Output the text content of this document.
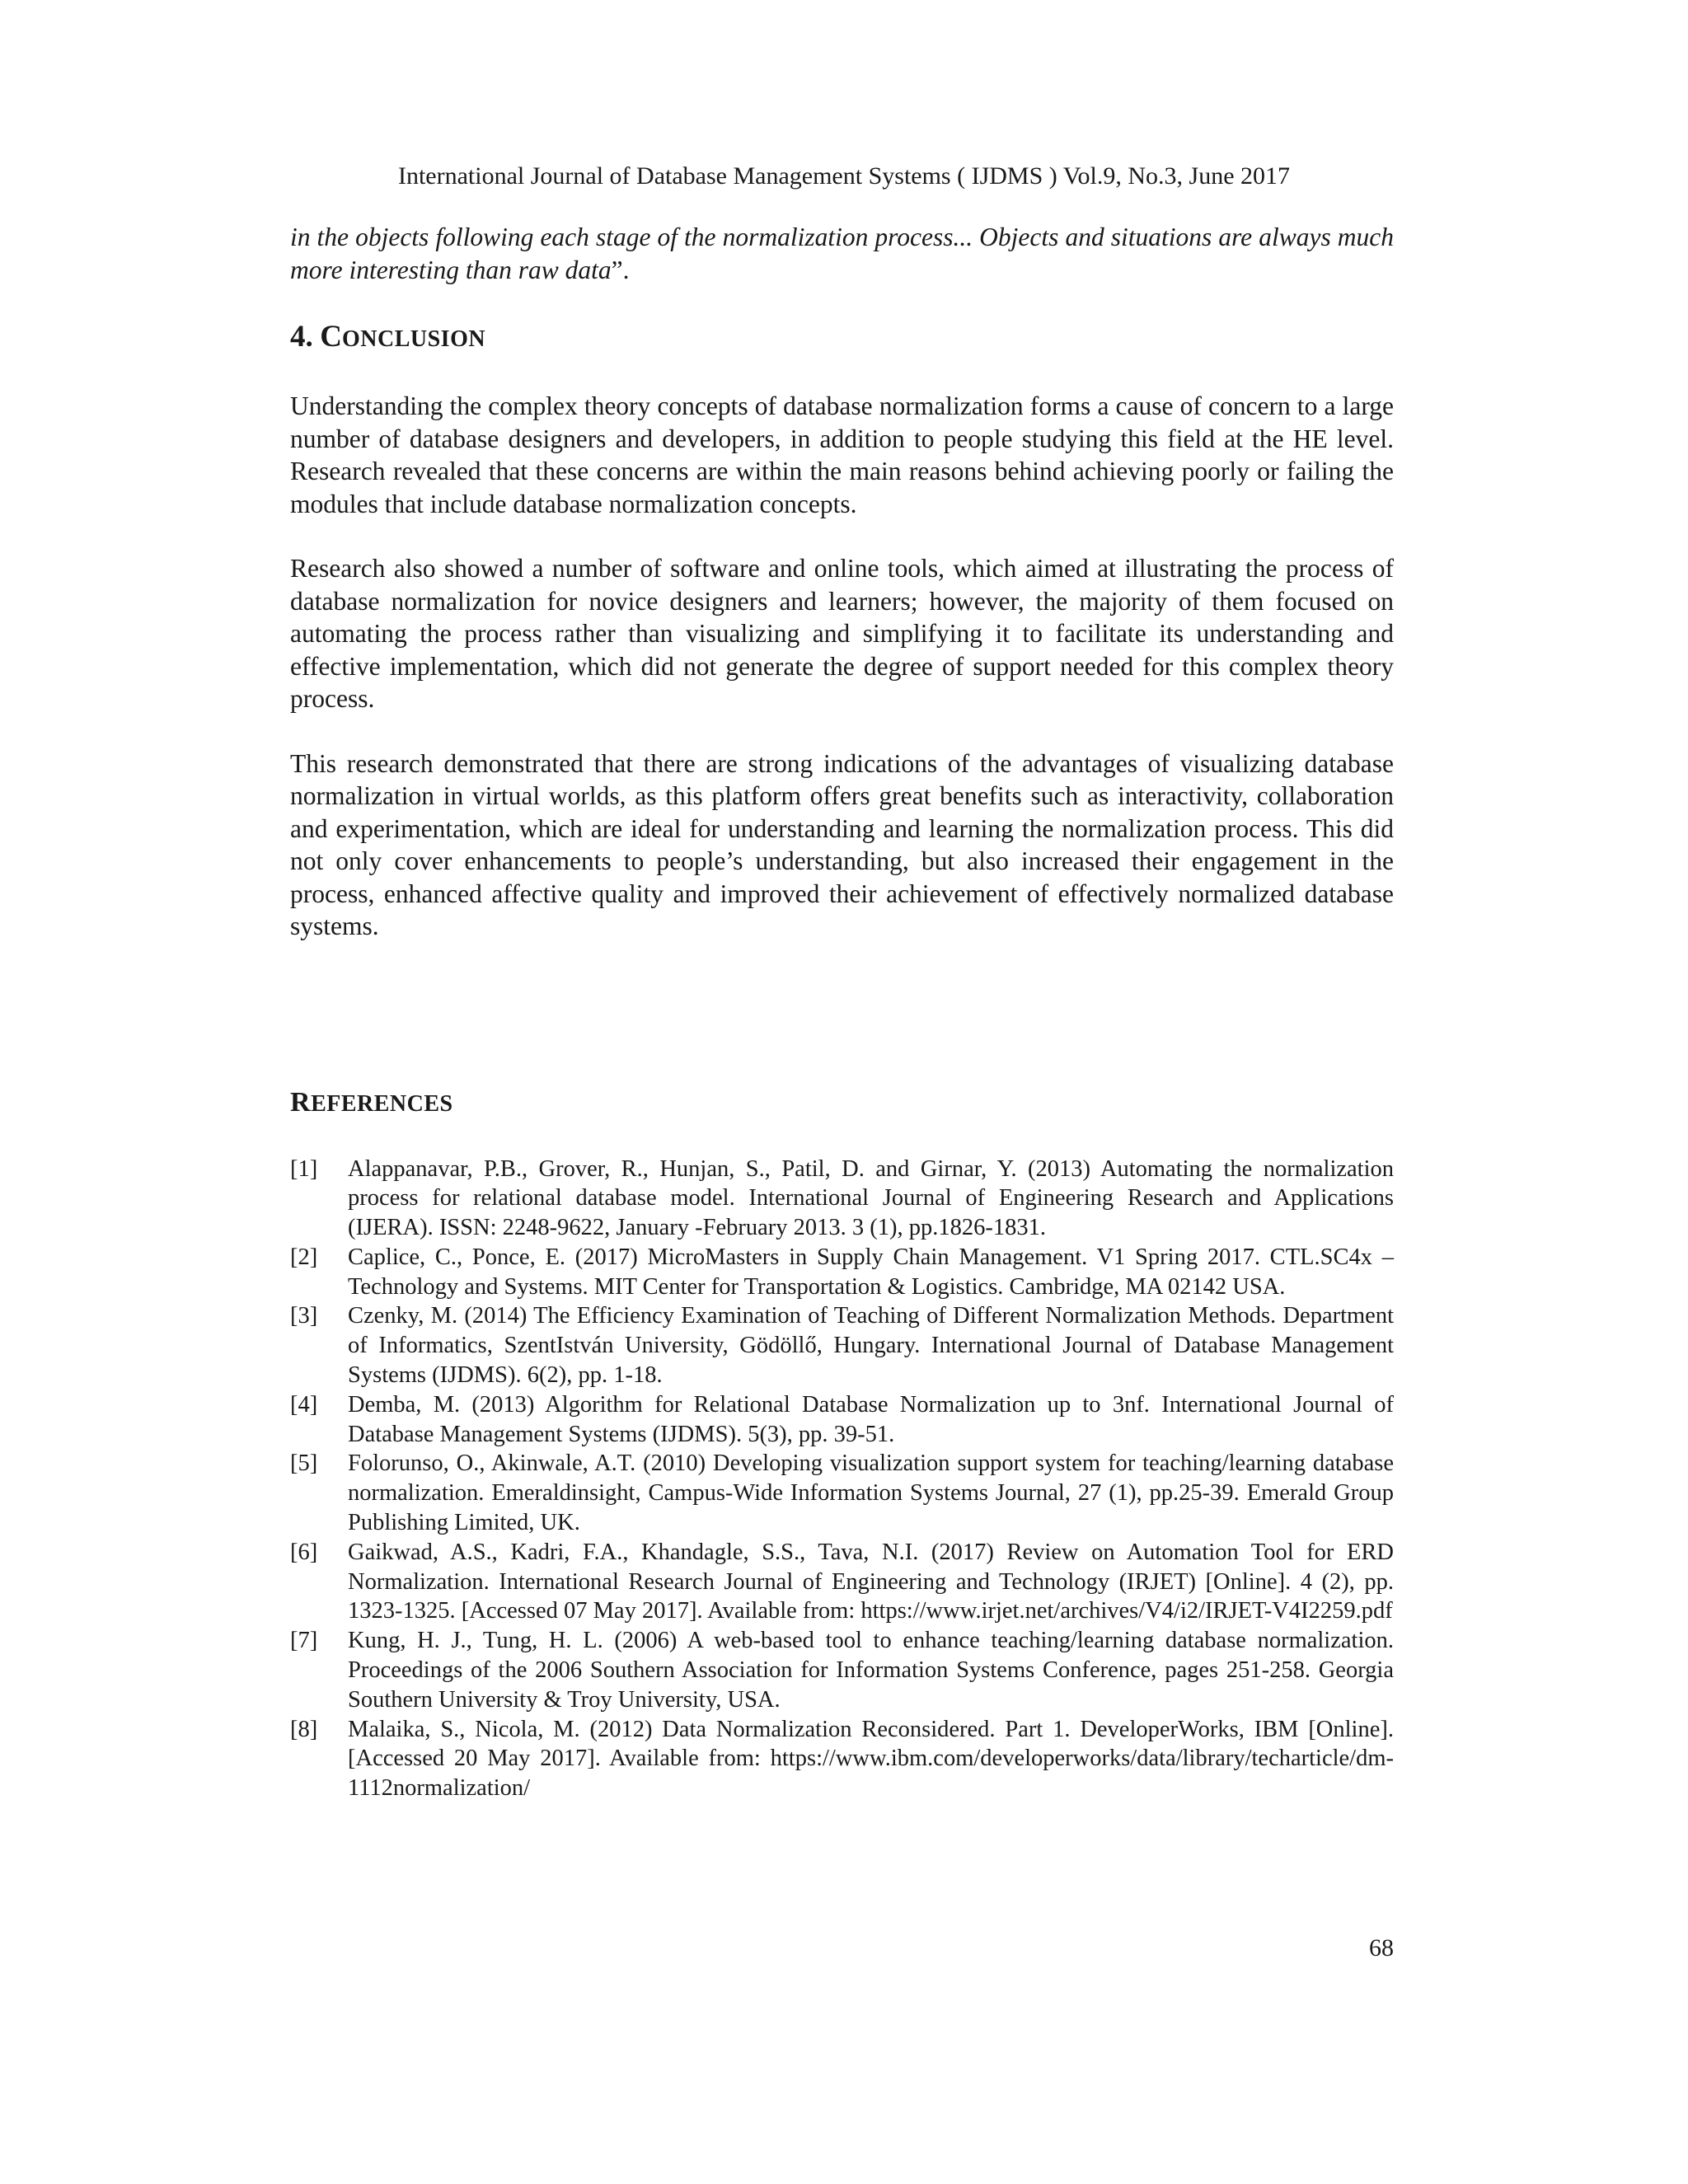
International Journal of Database Management Systems ( IJDMS ) Vol.9, No.3, June 2017

in the objects following each stage of the normalization process... Objects and situations are always much more interesting than raw data”.

4. CONCLUSION

Understanding the complex theory concepts of database normalization forms a cause of concern to a large number of database designers and developers, in addition to people studying this field at the HE level. Research revealed that these concerns are within the main reasons behind achieving poorly or failing the modules that include database normalization concepts.

Research also showed a number of software and online tools, which aimed at illustrating the process of database normalization for novice designers and learners; however, the majority of them focused on automating the process rather than visualizing and simplifying it to facilitate its understanding and effective implementation, which did not generate the degree of support needed for this complex theory process.

This research demonstrated that there are strong indications of the advantages of visualizing database normalization in virtual worlds, as this platform offers great benefits such as interactivity, collaboration and experimentation, which are ideal for understanding and learning the normalization process. This did not only cover enhancements to people’s understanding, but also increased their engagement in the process, enhanced affective quality and improved their achievement of effectively normalized database systems.

REFERENCES
[1] Alappanavar, P.B., Grover, R., Hunjan, S., Patil, D. and Girnar, Y. (2013) Automating the normalization process for relational database model. International Journal of Engineering Research and Applications (IJERA). ISSN: 2248-9622, January -February 2013. 3 (1), pp.1826-1831.
[2] Caplice, C., Ponce, E. (2017) MicroMasters in Supply Chain Management. V1 Spring 2017. CTL.SC4x – Technology and Systems. MIT Center for Transportation & Logistics. Cambridge, MA 02142 USA.
[3] Czenky, M. (2014) The Efficiency Examination of Teaching of Different Normalization Methods. Department of Informatics, SzentIstván University, Gödöllő, Hungary. International Journal of Database Management Systems (IJDMS). 6(2), pp. 1-18.
[4] Demba, M. (2013) Algorithm for Relational Database Normalization up to 3nf. International Journal of Database Management Systems (IJDMS). 5(3), pp. 39-51.
[5] Folorunso, O., Akinwale, A.T. (2010) Developing visualization support system for teaching/learning database normalization. Emeraldinsight, Campus-Wide Information Systems Journal, 27 (1), pp.25-39. Emerald Group Publishing Limited, UK.
[6] Gaikwad, A.S., Kadri, F.A., Khandagle, S.S., Tava, N.I. (2017) Review on Automation Tool for ERD Normalization. International Research Journal of Engineering and Technology (IRJET) [Online]. 4 (2), pp. 1323-1325. [Accessed 07 May 2017]. Available from: https://www.irjet.net/archives/V4/i2/IRJET-V4I2259.pdf
[7] Kung, H. J., Tung, H. L. (2006) A web-based tool to enhance teaching/learning database normalization. Proceedings of the 2006 Southern Association for Information Systems Conference, pages 251-258. Georgia Southern University & Troy University, USA.
[8] Malaika, S., Nicola, M. (2012) Data Normalization Reconsidered. Part 1. DeveloperWorks, IBM [Online]. [Accessed 20 May 2017]. Available from: https://www.ibm.com/developerworks/data/library/techarticle/dm-1112normalization/
68
